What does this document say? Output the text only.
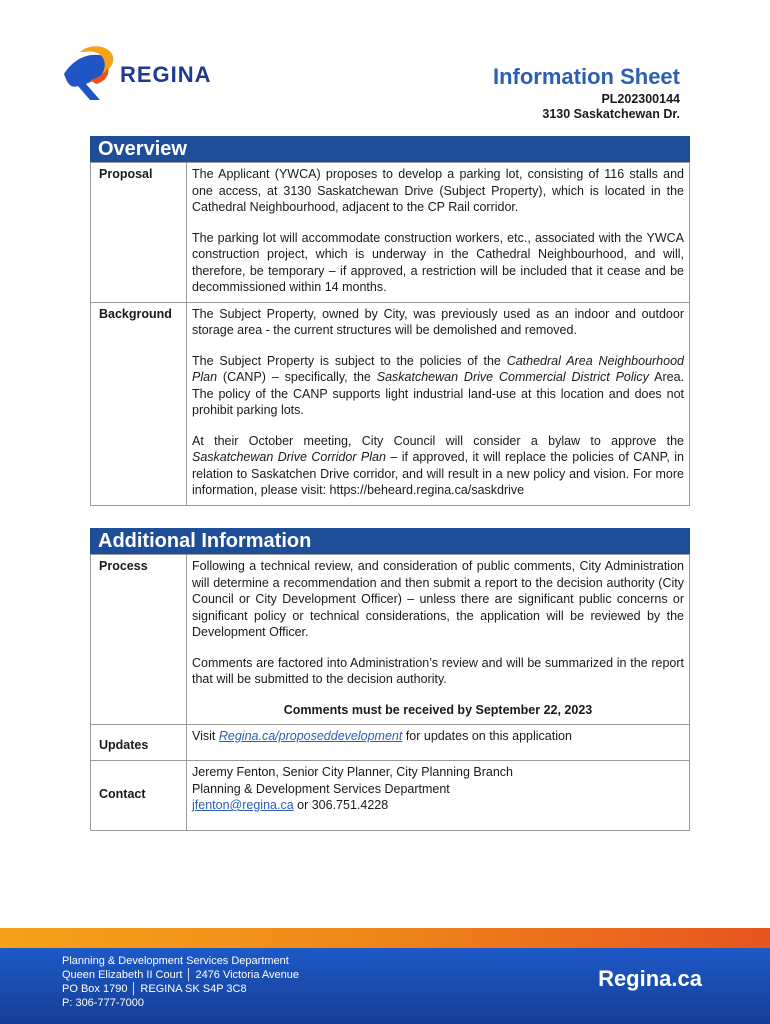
REGINA	Information Sheet
PL202300144
3130 Saskatchewan Dr.
Overview
Proposal	The Applicant (YWCA) proposes to develop a parking lot, consisting of 116 stalls and one access, at 3130 Saskatchewan Drive (Subject Property), which is located in the Cathedral Neighbourhood, adjacent to the CP Rail corridor.

The parking lot will accommodate construction workers, etc., associated with the YWCA construction project, which is underway in the Cathedral Neighbourhood, and will, therefore, be temporary – if approved, a restriction will be included that it cease and be decommissioned within 14 months.

Background	The Subject Property, owned by City, was previously used as an indoor and outdoor storage area - the current structures will be demolished and removed.

The Subject Property is subject to the policies of the Cathedral Area Neighbourhood Plan (CANP) – specifically, the Saskatchewan Drive Commercial District Policy Area. The policy of the CANP supports light industrial land-use at this location and does not prohibit parking lots.

At their October meeting, City Council will consider a bylaw to approve the Saskatchewan Drive Corridor Plan – if approved, it will replace the policies of CANP, in relation to Saskatchen Drive corridor, and will result in a new policy and vision. For more information, please visit: https://beheard.regina.ca/saskdrive

Additional Information
Process	Following a technical review, and consideration of public comments, City Administration will determine a recommendation and then submit a report to the decision authority (City Council or City Development Officer) – unless there are significant public concerns or significant policy or technical considerations, the application will be reviewed by the Development Officer.

Comments are factored into Administration’s review and will be summarized in the report that will be submitted to the decision authority.

Comments must be received by September 22, 2023

Updates	Visit Regina.ca/proposeddevelopment for updates on this application
Contact	Jeremy Fenton, Senior City Planner, City Planning Branch
Planning & Development Services Department
jfenton@regina.ca or 306.751.4228
Planning & Development Services Department
Queen Elizabeth II Court │ 2476 Victoria Avenue
PO Box 1790 │ REGINA SK S4P 3C8
P: 306-777-7000
Regina.ca
